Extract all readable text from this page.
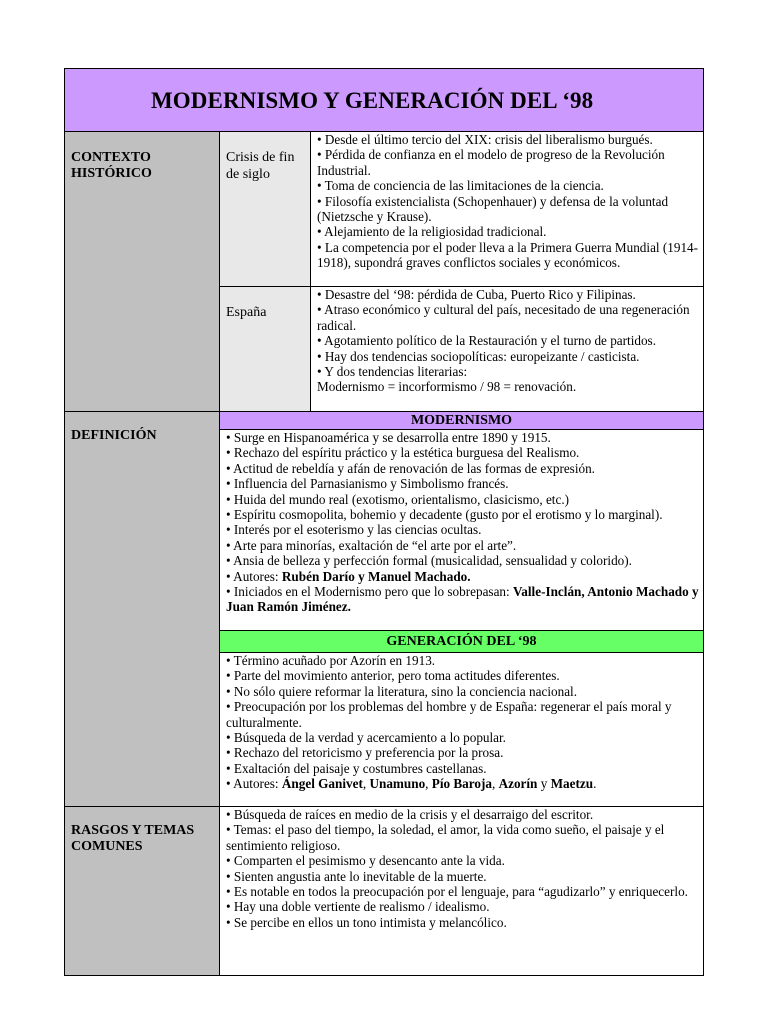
MODERNISMO Y GENERACIÓN DEL ‘98
CONTEXTO HISTÓRICO
Crisis de fin de siglo

• Desde el último tercio del XIX: crisis del liberalismo burgués.

• Pérdida de confianza en el modelo de progreso de la Revolución Industrial.

• Toma de conciencia de las limitaciones de la ciencia.

• Filosofía existencialista (Schopenhauer) y defensa de la voluntad (Nietzsche y Krause).

• Alejamiento de la religiosidad tradicional.

• La competencia por el poder lleva a la Primera Guerra Mundial (1914-1918), supondrá graves conflictos sociales y económicos.

España

• Desastre del ‘98: pérdida de Cuba, Puerto Rico y Filipinas.

• Atraso económico y cultural del país, necesitado de una regeneración radical.

• Agotamiento político de la Restauración y el turno de partidos.

• Hay dos tendencias sociopolíticas: europeizante / casticista.

• Y dos tendencias literarias:

Modernismo = incorformismo / 98 = renovación.

DEFINICIÓN
MODERNISMO

• Surge en Hispanoamérica y se desarrolla entre 1890 y 1915.

• Rechazo del espíritu práctico y la estética burguesa del Realismo.

• Actitud de rebeldía y afán de renovación de las formas de expresión.

• Influencia del Parnasianismo y Simbolismo francés.

• Huida del mundo real (exotismo, orientalismo, clasicismo, etc.)

• Espíritu cosmopolita, bohemio y decadente (gusto por el erotismo y lo marginal).

• Interés por el esoterismo y las ciencias ocultas.

• Arte para minorías, exaltación de “el arte por el arte”.

• Ansia de belleza y perfección formal (musicalidad, sensualidad y colorido).

• Autores: Rubén Darío y Manuel Machado.

• Iniciados en el Modernismo pero que lo sobrepasan: Valle-Inclán, Antonio Machado y Juan Ramón Jiménez.

GENERACIÓN DEL ‘98

• Término acuñado por Azorín en 1913.

• Parte del movimiento anterior, pero toma actitudes diferentes.

• No sólo quiere reformar la literatura, sino la conciencia nacional.

• Preocupación por los problemas del hombre y de España: regenerar el país moral y culturalmente.

• Búsqueda de la verdad y acercamiento a lo popular.

• Rechazo del retoricismo y preferencia por la prosa.

• Exaltación del paisaje y costumbres castellanas.

• Autores: Ángel Ganivet, Unamuno, Pío Baroja, Azorín y Maetzu.

RASGOS Y TEMAS COMUNES

• Búsqueda de raíces en medio de la crisis y el desarraigo del escritor.

• Temas: el paso del tiempo, la soledad, el amor, la vida como sueño, el paisaje y el sentimiento religioso.

• Comparten el pesimismo y desencanto ante la vida.

• Sienten angustia ante lo inevitable de la muerte.

• Es notable en todos la preocupación por el lenguaje, para “agudizarlo” y enriquecerlo.

• Hay una doble vertiente de realismo / idealismo.

• Se percibe en ellos un tono intimista y melancólico.
